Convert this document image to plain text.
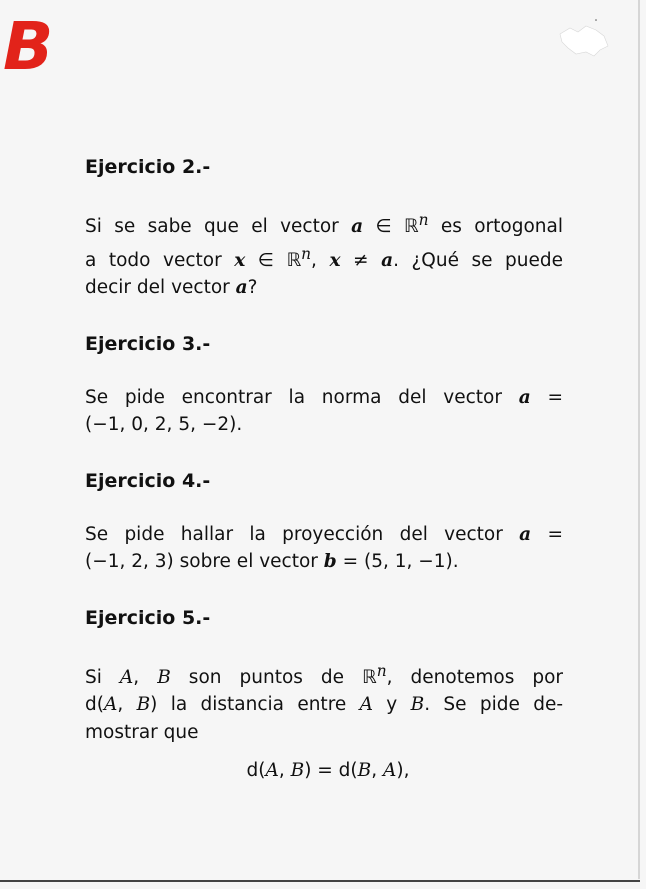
B
Ejercicio 2.-
Si se sabe que el vector a ∈ ℝ$^n$ es ortogonal
a todo vector x ∈ ℝ$^n$, x ≠ a. ¿Qué se puede
decir del vector a?
Ejercicio 3.-
Se pide encontrar la norma del vector a =
(−1, 0, 2, 5, −2).
Ejercicio 4.-
Se pide hallar la proyección del vector a =
(−1, 2, 3) sobre el vector b = (5, 1, −1).
Ejercicio 5.-
Si A, B son puntos de ℝ$^n$, denotemos por
d(A, B) la distancia entre A y B. Se pide de-
mostrar que
d(A, B) = d(B, A),
